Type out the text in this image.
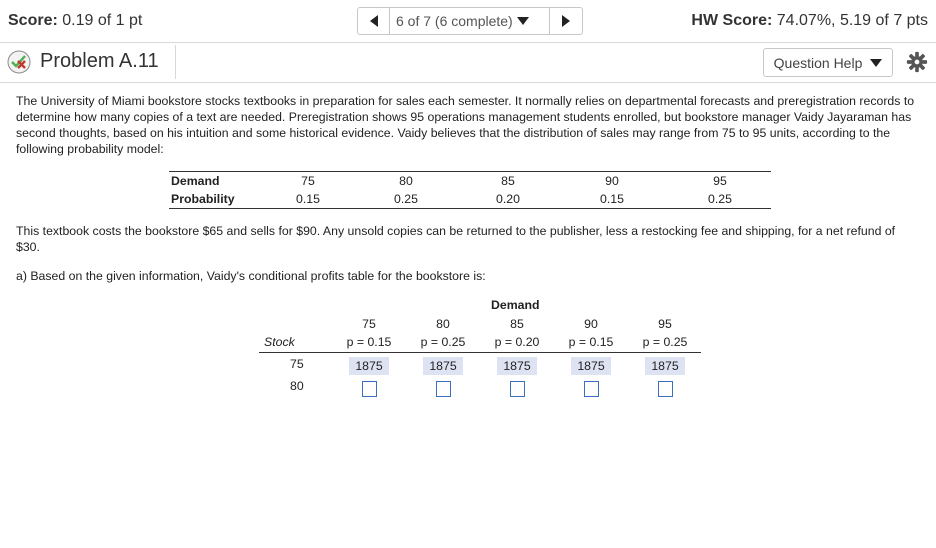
Score: 0.19 of 1 pt	6 of 7 (6 complete)	HW Score: 74.07%, 5.19 of 7 pts
Problem A.11	Question Help
The University of Miami bookstore stocks textbooks in preparation for sales each semester. It normally relies on departmental forecasts and preregistration records to determine how many copies of a text are needed. Preregistration shows 95 operations management students enrolled, but bookstore manager Vaidy Jayaraman has second thoughts, based on his intuition and some historical evidence. Vaidy believes that the distribution of sales may range from 75 to 95 units, according to the following probability model:
Demand	75	80	85	90	95
Probability	0.15	0.25	0.20	0.15	0.25
This textbook costs the bookstore $65 and sells for $90. Any unsold copies can be returned to the publisher, less a restocking fee and shipping, for a net refund of $30.
a) Based on the given information, Vaidy's conditional profits table for the bookstore is:
Demand
75	80	85	90	95
Stock	p = 0.15	p = 0.25	p = 0.20	p = 0.15	p = 0.25
75	1875	1875	1875	1875	1875
80
